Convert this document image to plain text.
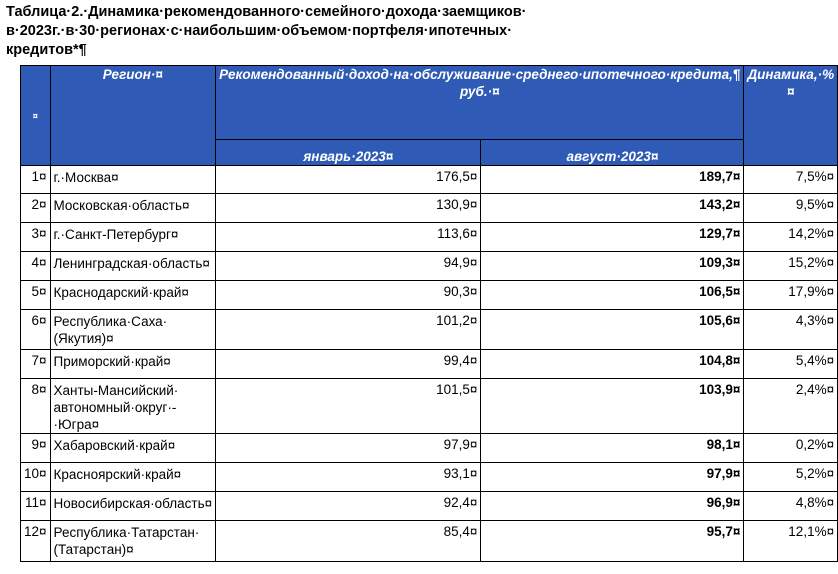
Таблица·2.·Динамика·рекомендованного·семейного·дохода·заемщиков·
в·2023г.·в·30·регионах·с·наибольшим·объемом·портфеля·ипотечных·
кредитов*¶
¤	Регион·¤	Рекомендованный·доход·на·обслуживание·среднего·ипотечного·кредита,¶ руб.·¤		Динамика,·%¤
		январь·2023¤	август·2023¤	
1¤	г.·Москва¤	176,5¤	189,7¤	7,5%¤
2¤	Московская·область¤	130,9¤	143,2¤	9,5%¤
3¤	г.·Санкт-Петербург¤	113,6¤	129,7¤	14,2%¤
4¤	Ленинградская·область¤	94,9¤	109,3¤	15,2%¤
5¤	Краснодарский·край¤	90,3¤	106,5¤	17,9%¤
6¤	Республика·Саха·
(Якутия)¤	101,2¤	105,6¤	4,3%¤
7¤	Приморский·край¤	99,4¤	104,8¤	5,4%¤
8¤	Ханты-Мансийский·
автономный·округ·-·Югра¤	101,5¤	103,9¤	2,4%¤
9¤	Хабаровский·край¤	97,9¤	98,1¤	0,2%¤
10¤	Красноярский·край¤	93,1¤	97,9¤	5,2%¤
11¤	Новосибирская·область¤	92,4¤	96,9¤	4,8%¤
12¤	Республика·Татарстан·
(Татарстан)¤	85,4¤	95,7¤	12,1%¤
